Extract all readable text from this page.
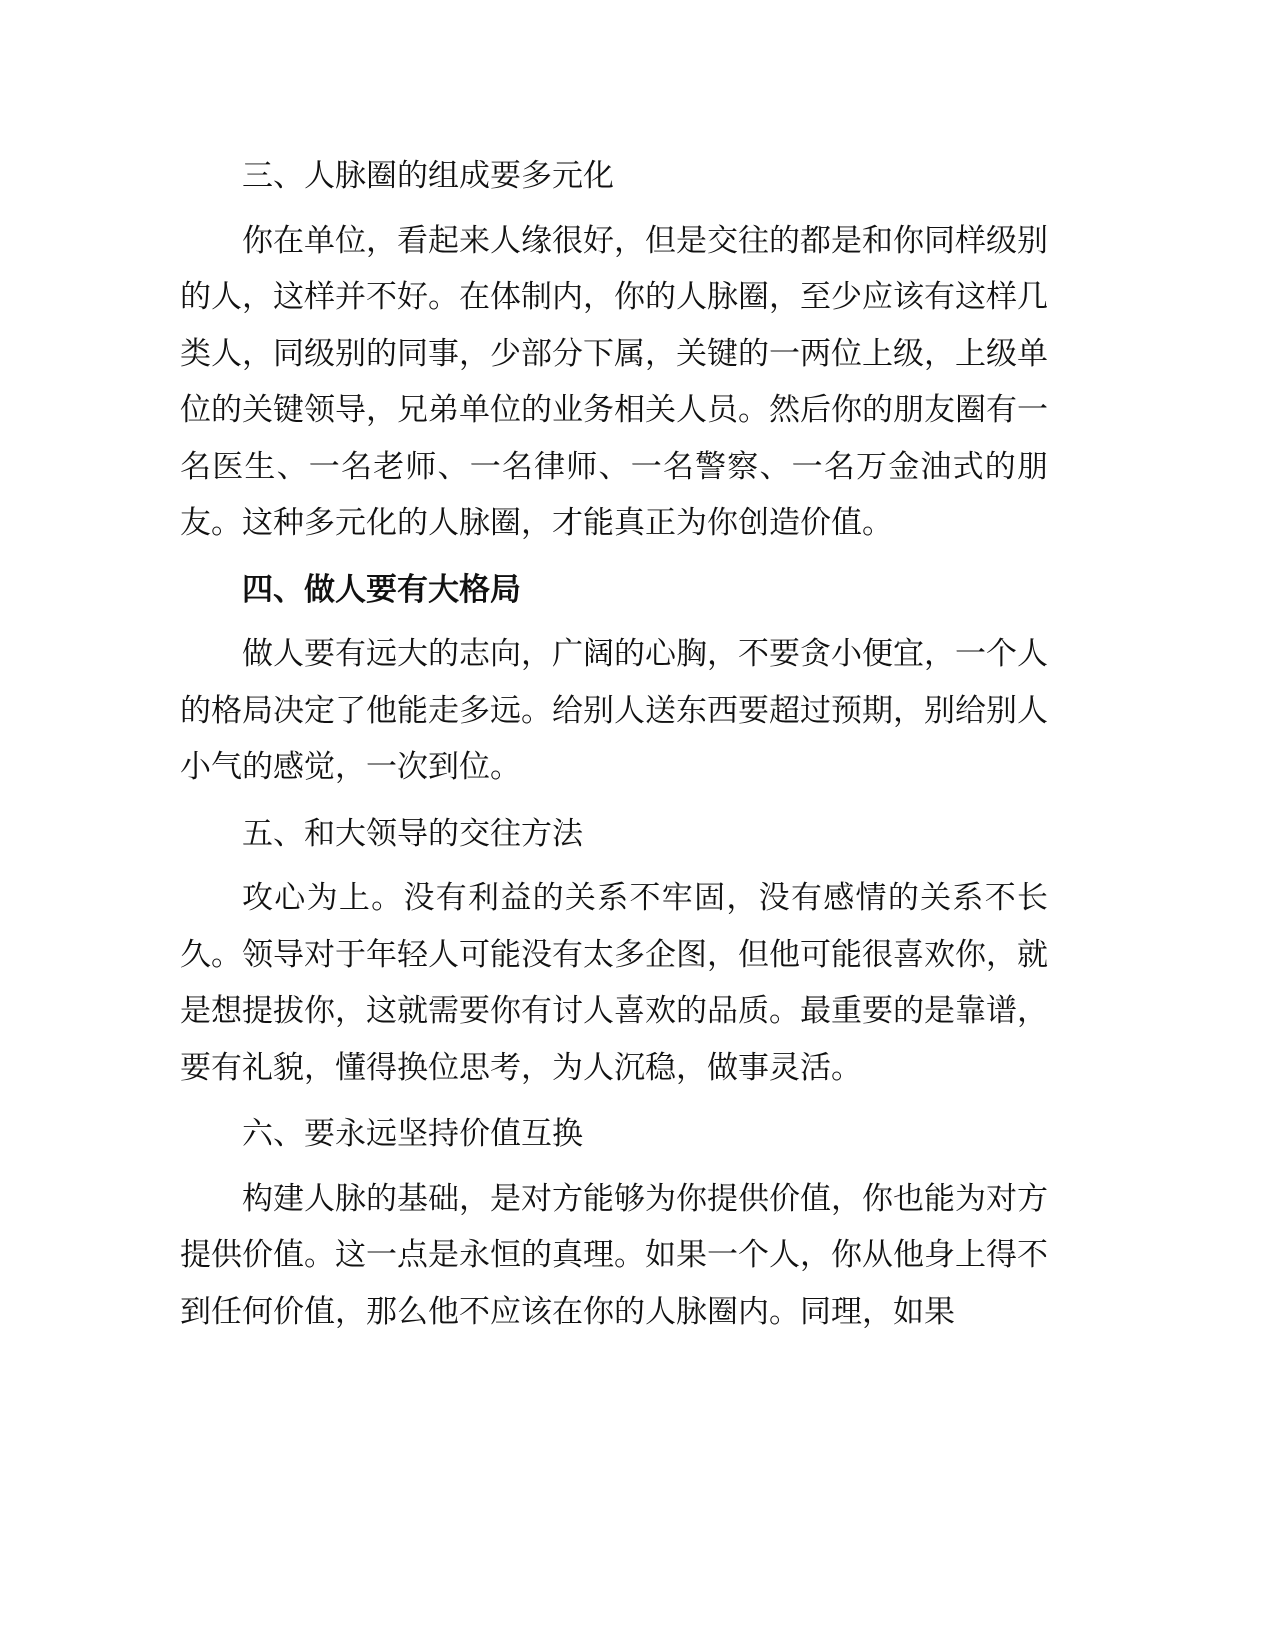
三、人脉圈的组成要多元化

你在单位，看起来人缘很好，但是交往的都是和你同样级别的人，这样并不好。在体制内，你的人脉圈，至少应该有这样几类人，同级别的同事，少部分下属，关键的一两位上级，上级单位的关键领导，兄弟单位的业务相关人员。然后你的朋友圈有一名医生、一名老师、一名律师、一名警察、一名万金油式的朋友。这种多元化的人脉圈，才能真正为你创造价值。

四、做人要有大格局

做人要有远大的志向，广阔的心胸，不要贪小便宜，一个人的格局决定了他能走多远。给别人送东西要超过预期，别给别人小气的感觉，一次到位。

五、和大领导的交往方法

攻心为上。没有利益的关系不牢固，没有感情的关系不长久。领导对于年轻人可能没有太多企图，但他可能很喜欢你，就是想提拔你，这就需要你有讨人喜欢的品质。最重要的是靠谱，要有礼貌，懂得换位思考，为人沉稳，做事灵活。

六、要永远坚持价值互换

构建人脉的基础，是对方能够为你提供价值，你也能为对方提供价值。这一点是永恒的真理。如果一个人，你从他身上得不到任何价值，那么他不应该在你的人脉圈内。同理，如果
